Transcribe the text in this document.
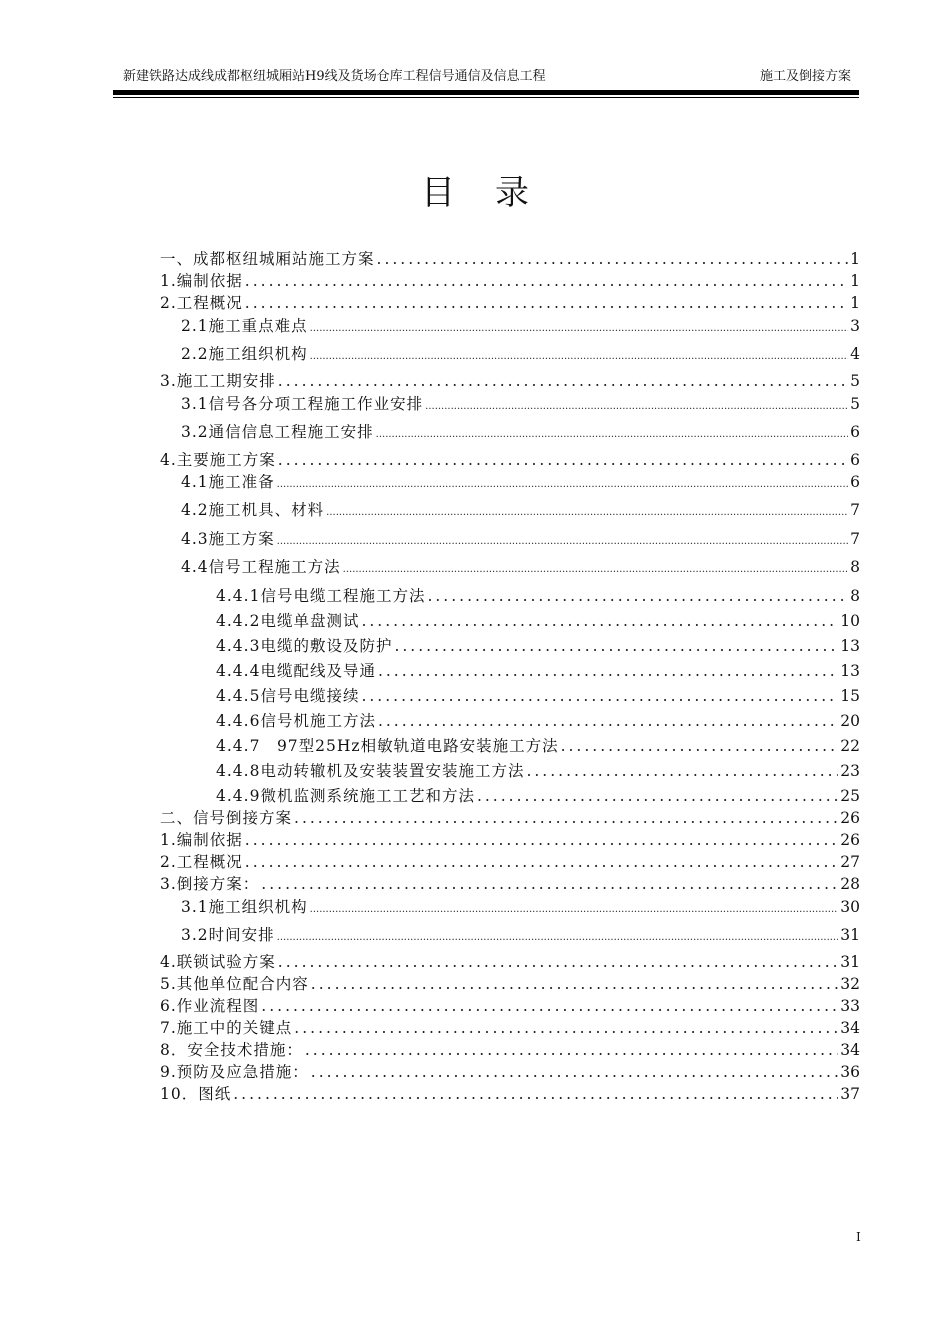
新建铁路达成线成都枢纽城厢站H9线及货场仓库工程信号通信及信息工程	施工及倒接方案
目录
一、成都枢纽城厢站施工方案 .....	1
1.编制依据 .....	1
2.工程概况 .....	1
2.1施工重点难点 .....	3
2.2施工组织机构 .....	4
3.施工工期安排 .....	5
3.1信号各分项工程施工作业安排 .....	5
3.2通信信息工程施工安排 .....	6
4.主要施工方案 .....	6
4.1施工准备 .....	6
4.2施工机具、材料 .....	7
4.3施工方案 .....	7
4.4信号工程施工方法 .....	8
4.4.1信号电缆工程施工方法 .....	8
4.4.2电缆单盘测试 .....	10
4.4.3电缆的敷设及防护 .....	13
4.4.4电缆配线及导通 .....	13
4.4.5信号电缆接续 .....	15
4.4.6信号机施工方法 .....	20
4.4.7　97型25Hz相敏轨道电路安装施工方法 .....	22
4.4.8电动转辙机及安装装置安装施工方法 .....	23
4.4.9微机监测系统施工工艺和方法 .....	25
二、信号倒接方案 .....	26
1.编制依据 .....	26
2.工程概况 .....	27
3.倒接方案： .....	28
3.1施工组织机构 .....	30
3.2时间安排 .....	31
4.联锁试验方案 .....	31
5.其他单位配合内容 .....	32
6.作业流程图 .....	33
7.施工中的关键点 .....	34
8．安全技术措施： .....	34
9.预防及应急措施： .....	36
10．图纸 .....	37
I
